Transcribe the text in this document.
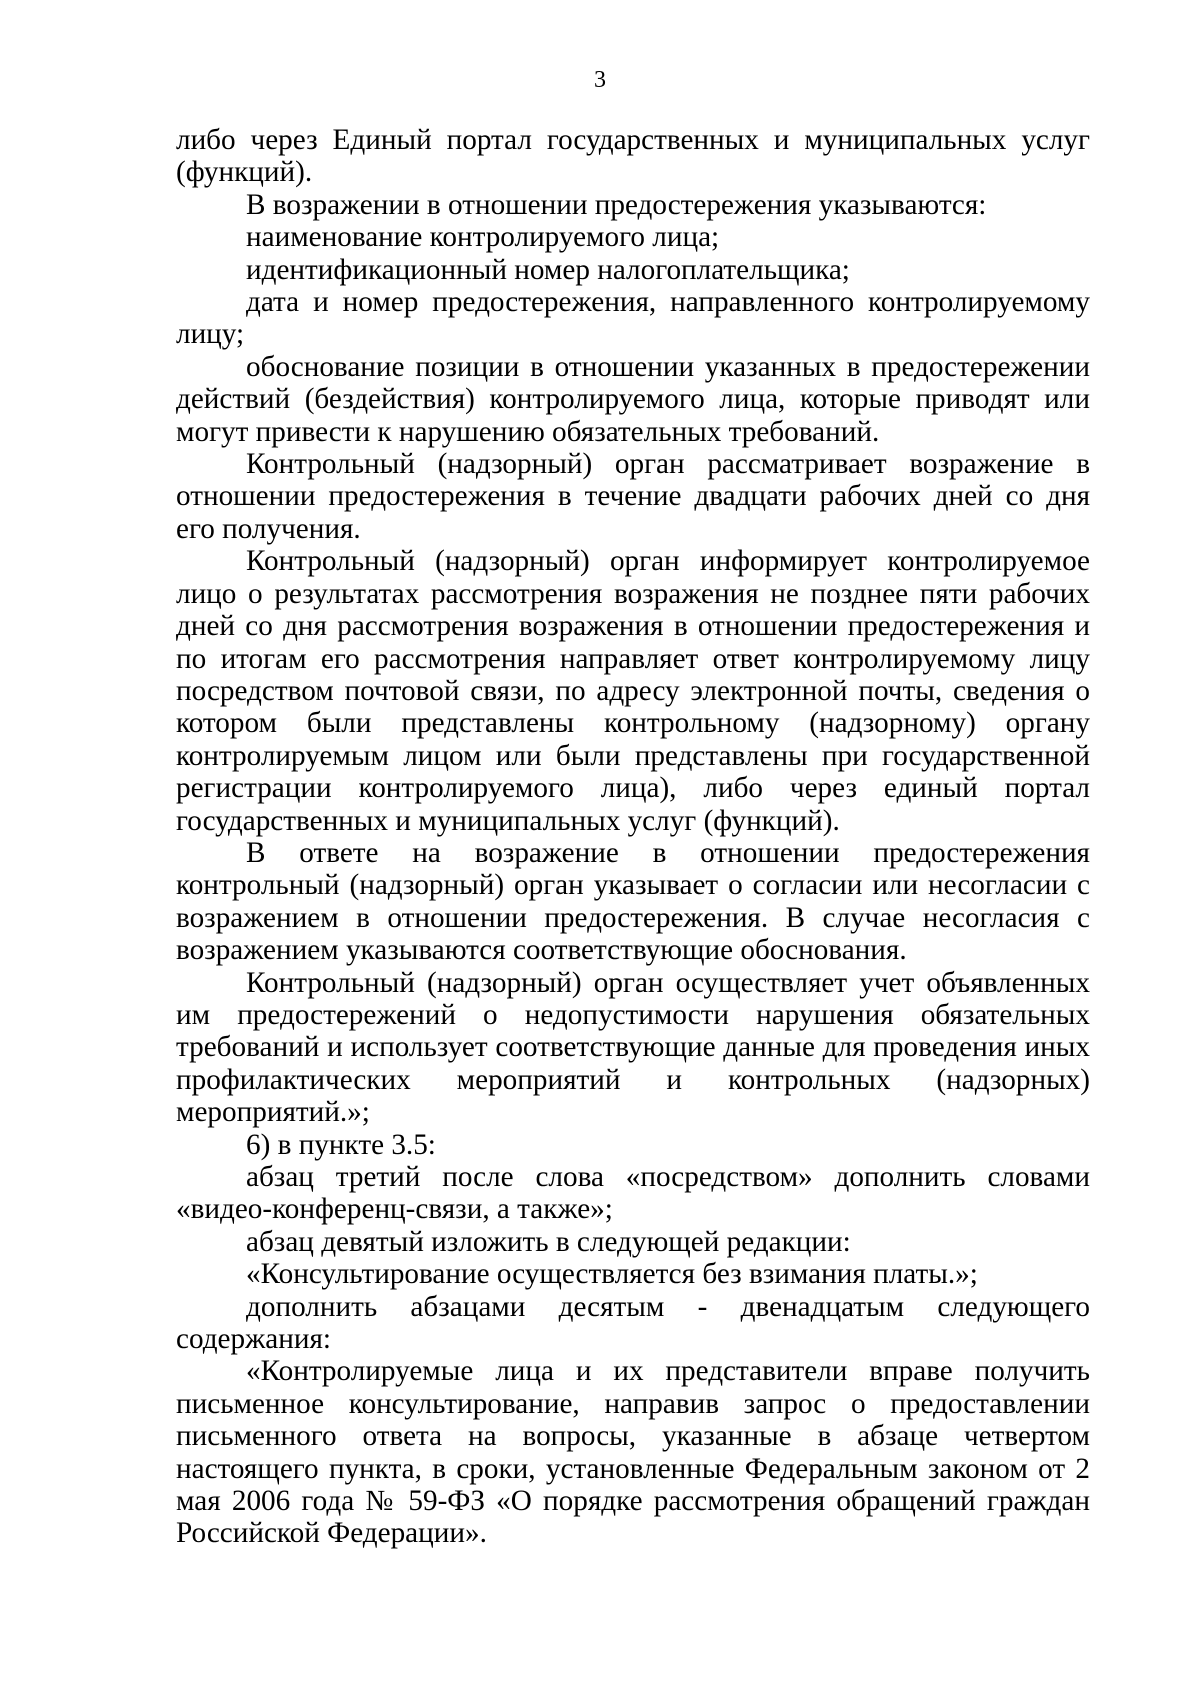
3

либо через Единый портал государственных и муниципальных услуг (функций).

В возражении в отношении предостережения указываются:

наименование контролируемого лица;

идентификационный номер налогоплательщика;

дата и номер предостережения, направленного контролируемому лицу;

обоснование позиции в отношении указанных в предостережении действий (бездействия) контролируемого лица, которые приводят или могут привести к нарушению обязательных требований.

Контрольный (надзорный) орган рассматривает возражение в отношении предостережения в течение двадцати рабочих дней со дня его получения.

Контрольный (надзорный) орган информирует контролируемое лицо о результатах рассмотрения возражения не позднее пяти рабочих дней со дня рассмотрения возражения в отношении предостережения и по итогам его рассмотрения направляет ответ контролируемому лицу посредством почтовой связи, по адресу электронной почты, сведения о котором были представлены контрольному (надзорному) органу контролируемым лицом или были представлены при государственной регистрации контролируемого лица), либо через единый портал государственных и муниципальных услуг (функций).

В ответе на возражение в отношении предостережения контрольный (надзорный) орган указывает о согласии или несогласии с возражением в отношении предостережения. В случае несогласия с возражением указываются соответствующие обоснования.

Контрольный (надзорный) орган осуществляет учет объявленных им предостережений о недопустимости нарушения обязательных требований и использует соответствующие данные для проведения иных профилактических мероприятий и контрольных (надзорных) мероприятий.»;

6) в пункте 3.5:

абзац третий после слова «посредством» дополнить словами «видео-конференц-связи, а также»;

абзац девятый изложить в следующей редакции:

«Консультирование осуществляется без взимания платы.»;

дополнить абзацами десятым - двенадцатым следующего содержания:

«Контролируемые лица и их представители вправе получить письменное консультирование, направив запрос о предоставлении письменного ответа на вопросы, указанные в абзаце четвертом настоящего пункта, в сроки, установленные Федеральным законом от 2 мая 2006 года № 59-ФЗ «О порядке рассмотрения обращений граждан Российской Федерации».
